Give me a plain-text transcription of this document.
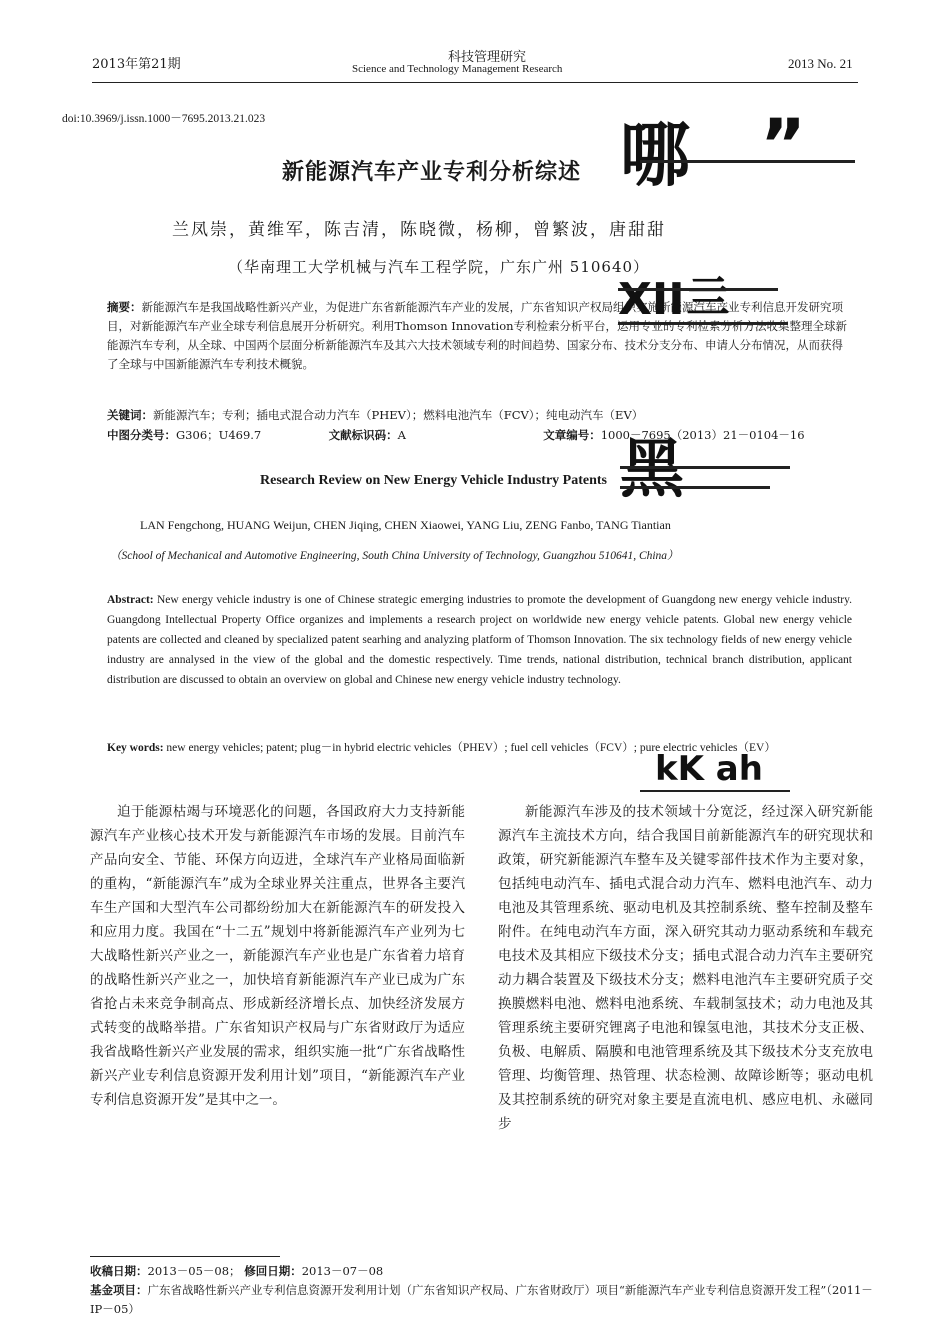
2013年第21期	科技管理研究
Science and Technology Management Research	2013 No. 21
doi:10.3969/j.issn.1000－7695.2013.21.023
新能源汽车产业专利分析综述
兰凤崇，黄维军，陈吉清，陈晓微，杨柳，曾繁波，唐甜甜
（华南理工大学机械与汽车工程学院，广东广州 510640）
摘要：新能源汽车是我国战略性新兴产业，为促进广东省新能源汽车产业的发展，广东省知识产权局组织实施新能源汽车产业专利信息开发研究项目，对新能源汽车产业全球专利信息展开分析研究。利用Thomson Innovation专利检索分析平台，运用专业的专利检索分析方法收集整理全球新能源汽车专利，从全球、中国两个层面分析新能源汽车及其六大技术领域专利的时间趋势、国家分布、技术分支分布、申请人分布情况，从而获得了全球与中国新能源汽车专利技术概貌。
关键词：新能源汽车；专利；插电式混合动力汽车（PHEV）；燃料电池汽车（FCV）；纯电动汽车（EV）
中图分类号：G306；U469.7	文献标识码：A	文章编号：1000－7695（2013）21－0104－16
Research Review on New Energy Vehicle Industry Patents
LAN Fengchong, HUANG Weijun, CHEN Jiqing, CHEN Xiaowei, YANG Liu, ZENG Fanbo, TANG Tiantian
（School of Mechanical and Automotive Engineering, South China University of Technology, Guangzhou 510641, China）
Abstract: New energy vehicle industry is one of Chinese strategic emerging industries to promote the development of Guangdong new energy vehicle industry. Guangdong Intellectual Property Office organizes and implements a research project on worldwide new energy vehicle patents. Global new energy vehicle patents are collected and cleaned by specialized patent searhing and analyzing platform of Thomson Innovation. The six technology fields of new energy vehicle industry are annalysed in the view of the global and the domestic respectively. Time trends, national distribution, technical branch distribution, applicant distribution are discussed to obtain an overview on global and Chinese new energy vehicle industry technology.
Key words: new energy vehicles; patent; plug－in hybrid electric vehicles（PHEV）; fuel cell vehicles（FCV）; pure electric vehicles（EV）
迫于能源枯竭与环境恶化的问题，各国政府大力支持新能源汽车产业核心技术开发与新能源汽车市场的发展。目前汽车产品向安全、节能、环保方向迈进，全球汽车产业格局面临新的重构，“新能源汽车”成为全球业界关注重点，世界各主要汽车生产国和大型汽车公司都纷纷加大在新能源汽车的研发投入和应用力度。我国在“十二五”规划中将新能源汽车产业列为七大战略性新兴产业之一，新能源汽车产业也是广东省着力培育的战略性新兴产业之一，加快培育新能源汽车产业已成为广东省抢占未来竞争制高点、形成新经济增长点、加快经济发展方式转变的战略举措。广东省知识产权局与广东省财政厅为适应我省战略性新兴产业发展的需求，组织实施一批“广东省战略性新兴产业专利信息资源开发利用计划”项目，“新能源汽车产业专利信息资源开发”是其中之一。
新能源汽车涉及的技术领域十分宽泛，经过深入研究新能源汽车主流技术方向，结合我国目前新能源汽车的研究现状和政策，研究新能源汽车整车及关键零部件技术作为主要对象，包括纯电动汽车、插电式混合动力汽车、燃料电池汽车、动力电池及其管理系统、驱动电机及其控制系统、整车控制及整车附件。在纯电动汽车方面，深入研究其动力驱动系统和车载充电技术及其相应下级技术分支；插电式混合动力汽车主要研究动力耦合装置及下级技术分支；燃料电池汽车主要研究质子交换膜燃料电池、燃料电池系统、车载制氢技术；动力电池及其管理系统主要研究锂离子电池和镍氢电池，其技术分支正极、负极、电解质、隔膜和电池管理系统及其下级技术分支充放电管理、均衡管理、热管理、状态检测、故障诊断等；驱动电机及其控制系统的研究对象主要是直流电机、感应电机、永磁同步
收稿日期：2013－05－08； 修回日期：2013－07－08
基金项目：广东省战略性新兴产业专利信息资源开发利用计划（广东省知识产权局、广东省财政厅）项目“新能源汽车产业专利信息资源开发工程”（2011－IP－05）
哪 ”
XII 亖
黑
kK ah
